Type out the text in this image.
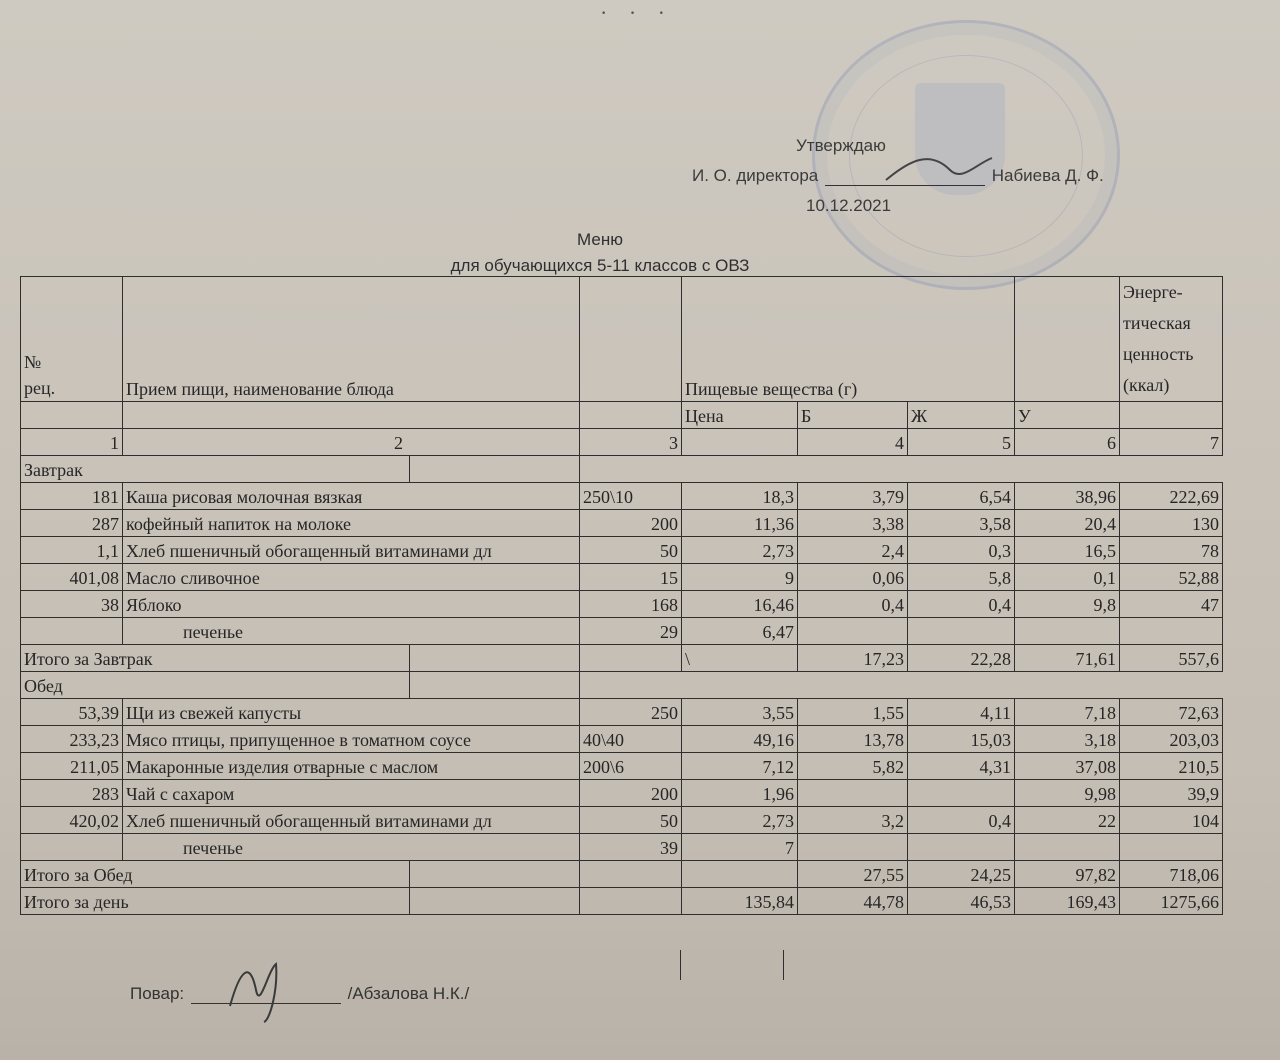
· · ·
Утверждаю
И. О. директора	Набиева Д. Ф.
10.12.2021
Меню
для обучающихся 5-11 классов с ОВЗ
№
рец.	Прием пищи, наименование блюда			Пищевые вещества (г)				Энерге-
тическая
ценность
(ккал)
				Цена	Б	Ж	У	
1	2		3		4	5	6	7
Завтрак								
181	Каша рисовая молочная вязкая		250\10	18,3	3,79	6,54	38,96	222,69
287	кофейный напиток на молоке		200	11,36	3,38	3,58	20,4	130
1,1	Хлеб пшеничный обогащенный витаминами дл		50	2,73	2,4	0,3	16,5	78
401,08	Масло сливочное		15	9	0,06	5,8	0,1	52,88
38	Яблоко		168	16,46	0,4	0,4	9,8	47
	печенье		29	6,47				
Итого за Завтрак				\	17,23	22,28	71,61	557,6
Обед								
53,39	Щи из свежей капусты		250	3,55	1,55	4,11	7,18	72,63
233,23	Мясо птицы, припущенное в томатном соусе		40\40	49,16	13,78	15,03	3,18	203,03
211,05	Макаронные изделия отварные с маслом		200\6	7,12	5,82	4,31	37,08	210,5
283	Чай с сахаром		200	1,96			9,98	39,9
420,02	Хлеб пшеничный обогащенный витаминами дл		50	2,73	3,2	0,4	22	104
	печенье		39	7				
Итого за Обед					27,55	24,25	97,82	718,06
Итого за день				135,84	44,78	46,53	169,43	1275,66
Повар:	/Абзалова Н.К./
